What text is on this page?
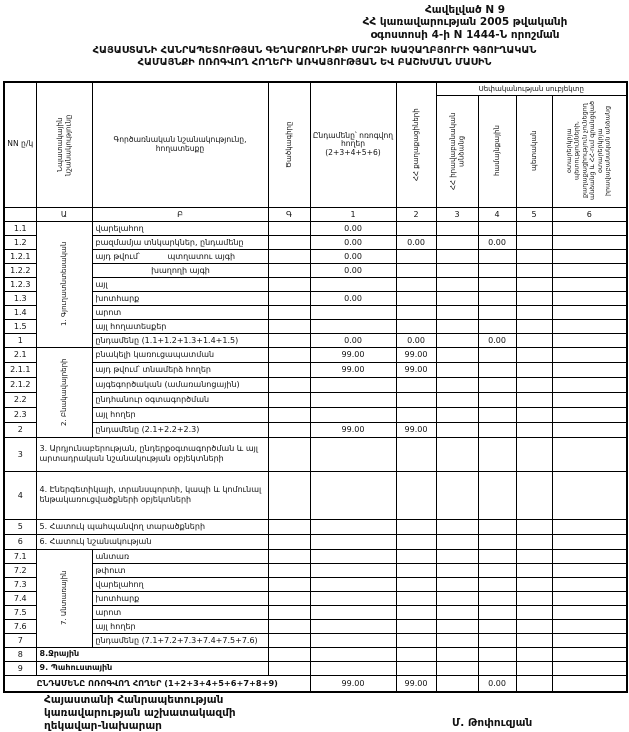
Հավելված N 9
ՀՀ կառավարության 2005 թվականի
օգոստոսի 4-ի N 1444-Ն որոշման
ՀԱՅԱՍՏԱՆԻ ՀԱՆՐԱՊԵՏՈՒԹՅԱՆ ԳԵՂԱՐՔՈՒՆԻՔԻ ՄԱՐԶԻ ԽԱՉԱՂԲՅՈՒՐԻ ԳՅՈՒՂԱԿԱՆ
ՀԱՄԱՅՆՔԻ ՈՌՈԳՎՈՂ ՀՈՂԵՐԻ ԱՌԿԱՅՈՒԹՅԱՆ ԵՎ ԲԱՇԽՄԱՆ ՄԱՍԻՆ
NN ը/կ	Նպատակային նշանակությունը	Գործառնական նշանակությունը, հողատեսքը	Ծածկագիրը	Ընդամենը՝ ոռոգվող հողեր (2+3+4+5+6)	ՀՀ քաղաքացիների	Սեփականության սուբյեկտը			

						ՀՀ իրավաբանական անձանց	համայնքային	պետական	օտարերկրյա պետությունների, քաղաքացիություն չունեցող անձանց և ՀՀ-ում գրանցված օտարերկրյա իրավաբանական անձանց

	Ա	Բ	Գ	1	2	3	4	5	6
1.1	1. Գյուղատնտեսական	վարելահող		0.00					
1.2		բազմամյա տնկարկներ, ընդամենը		0.00	0.00		0.00		
1.2.1		այդ թվում՝ պտղատու այգի		0.00					
1.2.2		խաղողի այգի		0.00					
1.2.3		այլ							
1.3		խոտհարք		0.00					
1.4		արոտ							
1.5		այլ հողատեսքեր							
1		ընդամենը (1.1+1.2+1.3+1.4+1.5)		0.00	0.00		0.00		
2.1	2. Բնակավայրերի	բնակելի կառուցապատման		99.00	99.00				
2.1.1		այդ թվում՝ տնամերձ հողեր		99.00	99.00				
2.1.2		այգեգործական (ամառանոցային)							
2.2		ընդհանուր օգտագործման							
2.3		այլ հողեր							
2		ընդամենը (2.1+2.2+2.3)		99.00	99.00				
3	3. Արդյունաբերության, ընդերքօգտագործման և այլ արտադրական նշանակության օբյեկտների								
4	4. Էներգետիկայի, տրանսպորտի, կապի և կոմունալ ենթակառուցվածքների օբյեկտների								
5	5. Հատուկ պահպանվող տարածքների								
6	6. Հատուկ նշանակության								
7.1	7. Անտառային	անտառ							
7.2		թփուտ							
7.3		վարելահող							
7.4		խոտհարք							
7.5		արոտ							
7.6		այլ հողեր							
7		ընդամենը (7.1+7.2+7.3+7.4+7.5+7.6)							
8	8.Ջրային								
9	9. Պահուստային								
ԸՆԴԱՄԵՆԸ ՈՌՈԳՎՈՂ ՀՈՂԵՐ (1+2+3+4+5+6+7+8+9)				99.00	99.00		0.00		
Հայաստանի Հանրապետության
կառավարության աշխատակազմի
ղեկավար-նախարար	Մ. Թոփուզյան
